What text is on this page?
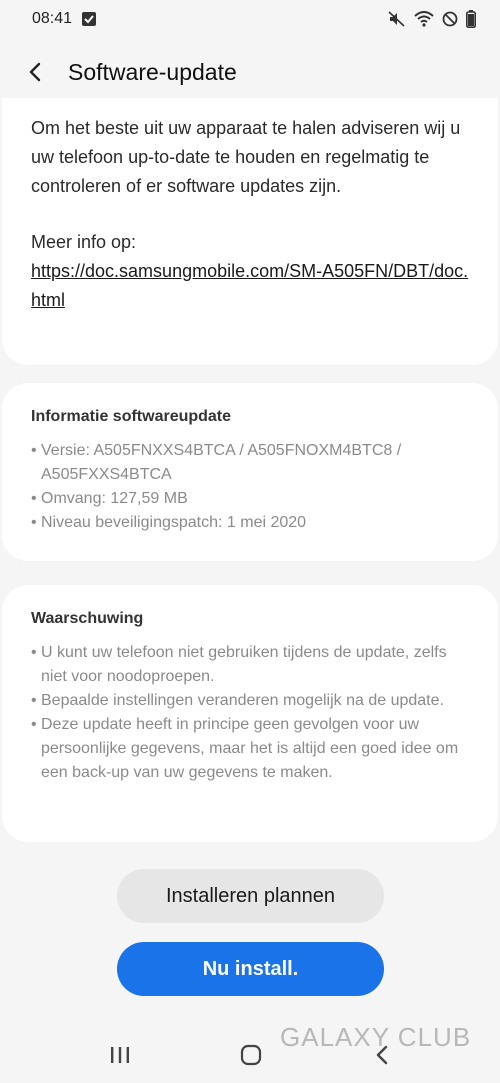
08:41
Software-update
Om het beste uit uw apparaat te halen adviseren wij u uw telefoon up-to-date te houden en regelmatig te controleren of er software updates zijn.
Meer info op:
https://doc.samsungmobile.com/SM-A505FN/DBT/doc.html
Informatie softwareupdate
• Versie: A505FNXXS4BTCA / A505FNOXM4BTC8 / A505FXXS4BTCA
• Omvang: 127,59 MB
• Niveau beveiligingspatch: 1 mei 2020
Waarschuwing
• U kunt uw telefoon niet gebruiken tijdens de update, zelfs niet voor noodoproepen.
• Bepaalde instellingen veranderen mogelijk na de update.
• Deze update heeft in principe geen gevolgen voor uw persoonlijke gegevens, maar het is altijd een goed idee om een back-up van uw gegevens te maken.
Installeren plannen
Nu install.
GALAXY CLUB
